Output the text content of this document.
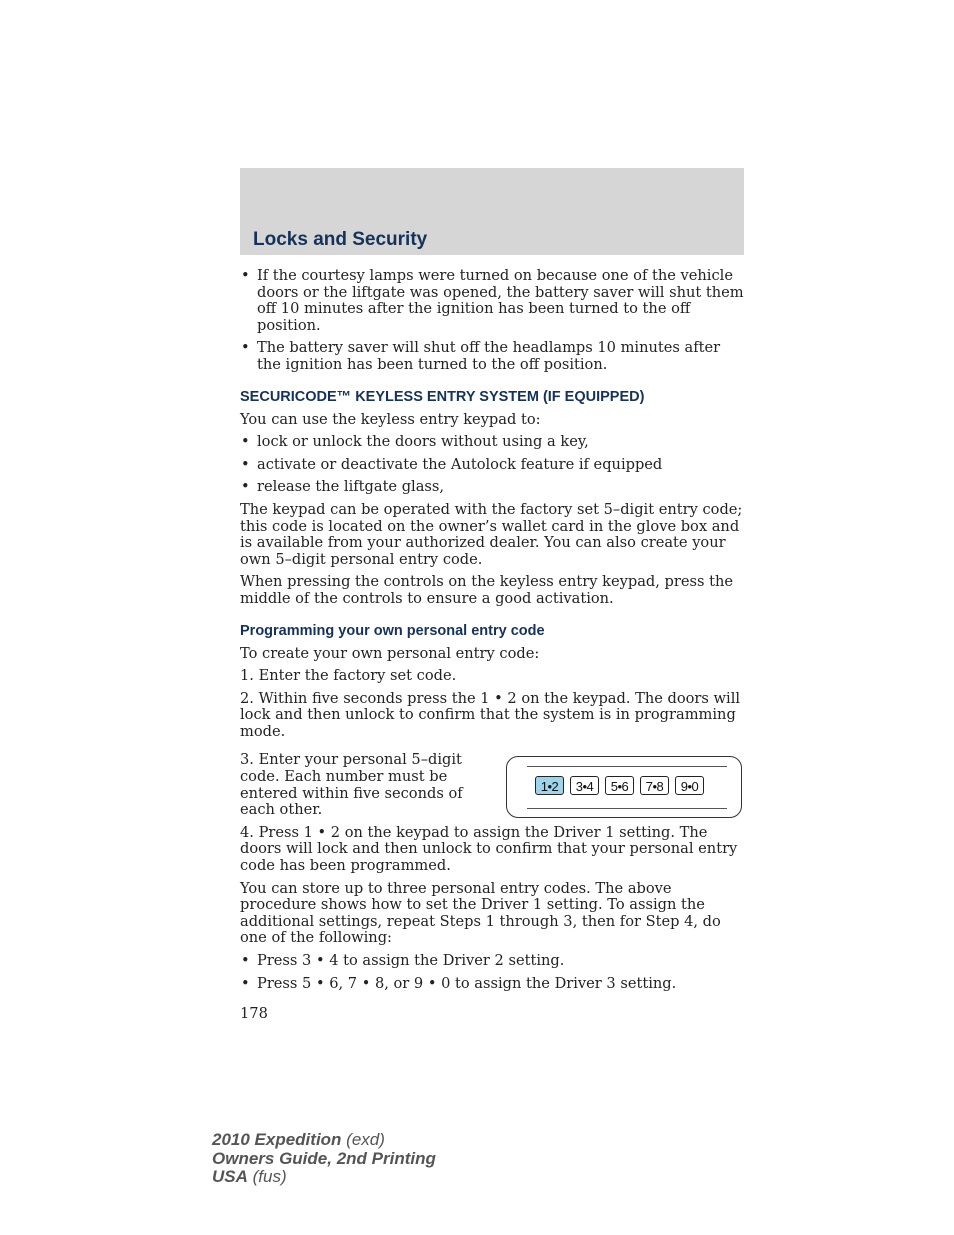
Locks and Security
• If the courtesy lamps were turned on because one of the vehicle doors or the liftgate was opened, the battery saver will shut them off 10 minutes after the ignition has been turned to the off position.
• The battery saver will shut off the headlamps 10 minutes after the ignition has been turned to the off position.
SECURICODE™ KEYLESS ENTRY SYSTEM (IF EQUIPPED)

You can use the keyless entry keypad to:

• lock or unlock the doors without using a key,
• activate or deactivate the Autolock feature if equipped
• release the liftgate glass,

The keypad can be operated with the factory set 5–digit entry code; this code is located on the owner’s wallet card in the glove box and is available from your authorized dealer. You can also create your own 5–digit personal entry code.

When pressing the controls on the keyless entry keypad, press the middle of the controls to ensure a good activation.

Programming your own personal entry code

To create your own personal entry code:

1. Enter the factory set code.

2. Within five seconds press the 1 • 2 on the keypad. The doors will lock and then unlock to confirm that the system is in programming mode.

1•2	3•4	5•6	7•8	9•0

3. Enter your personal 5–digit code. Each number must be entered within five seconds of each other.

4. Press 1 • 2 on the keypad to assign the Driver 1 setting. The doors will lock and then unlock to confirm that your personal entry code has been programmed.

You can store up to three personal entry codes. The above procedure shows how to set the Driver 1 setting. To assign the additional settings, repeat Steps 1 through 3, then for Step 4, do one of the following:

• Press 3 • 4 to assign the Driver 2 setting.
• Press 5 • 6, 7 • 8, or 9 • 0 to assign the Driver 3 setting.
178
2010 Expedition (exd)
Owners Guide, 2nd Printing
USA (fus)
